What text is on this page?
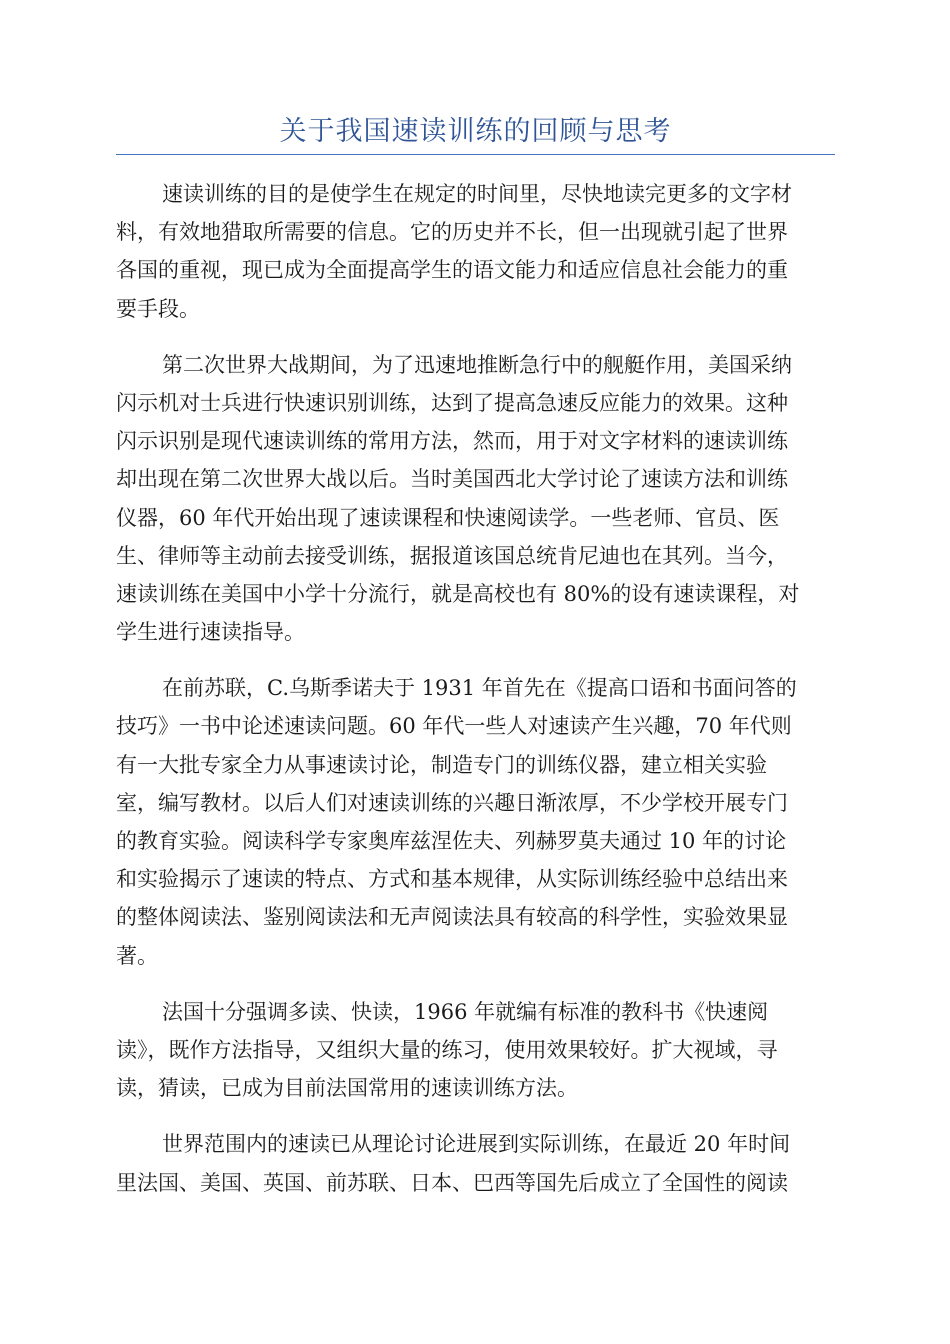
关于我国速读训练的回顾与思考
速读训练的目的是使学生在规定的时间里，尽快地读完更多的文字材
料，有效地猎取所需要的信息。它的历史并不长，但一出现就引起了世界
各国的重视，现已成为全面提高学生的语文能力和适应信息社会能力的重
要手段。
第二次世界大战期间，为了迅速地推断急行中的舰艇作用，美国采纳
闪示机对士兵进行快速识别训练，达到了提高急速反应能力的效果。这种
闪示识别是现代速读训练的常用方法，然而，用于对文字材料的速读训练
却出现在第二次世界大战以后。当时美国西北大学讨论了速读方法和训练
仪器，60 年代开始出现了速读课程和快速阅读学。一些老师、官员、医
生、律师等主动前去接受训练，据报道该国总统肯尼迪也在其列。当今，
速读训练在美国中小学十分流行，就是高校也有 80%的设有速读课程，对
学生进行速读指导。
在前苏联，C.乌斯季诺夫于 1931 年首先在《提高口语和书面问答的
技巧》一书中论述速读问题。60 年代一些人对速读产生兴趣，70 年代则
有一大批专家全力从事速读讨论，制造专门的训练仪器，建立相关实验
室，编写教材。以后人们对速读训练的兴趣日渐浓厚，不少学校开展专门
的教育实验。阅读科学专家奥库兹涅佐夫、列赫罗莫夫通过 10 年的讨论
和实验揭示了速读的特点、方式和基本规律，从实际训练经验中总结出来
的整体阅读法、鉴别阅读法和无声阅读法具有较高的科学性，实验效果显
著。
法国十分强调多读、快读，1966 年就编有标准的教科书《快速阅
读》，既作方法指导，又组织大量的练习，使用效果较好。扩大视域，寻
读，猜读，已成为目前法国常用的速读训练方法。
世界范围内的速读已从理论讨论进展到实际训练，在最近 20 年时间
里法国、美国、英国、前苏联、日本、巴西等国先后成立了全国性的阅读
